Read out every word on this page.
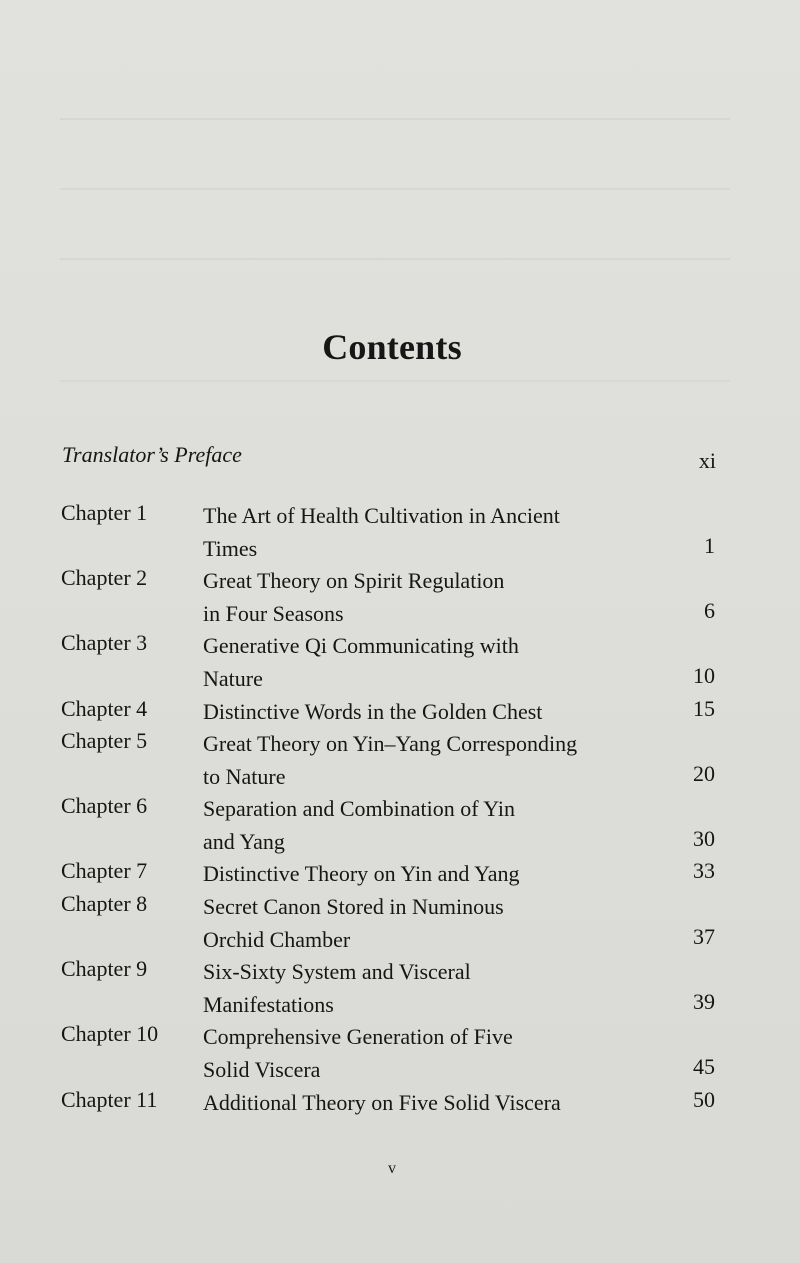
Contents
Translator’s Preface	xi
Chapter 1	The Art of Health Cultivation in Ancient
Times	1
Chapter 2	Great Theory on Spirit Regulation
in Four Seasons	6
Chapter 3	Generative Qi Communicating with
Nature	10
Chapter 4	Distinctive Words in the Golden Chest	15
Chapter 5	Great Theory on Yin–Yang Corresponding
to Nature	20
Chapter 6	Separation and Combination of Yin
and Yang	30
Chapter 7	Distinctive Theory on Yin and Yang	33
Chapter 8	Secret Canon Stored in Numinous
Orchid Chamber	37
Chapter 9	Six-Sixty System and Visceral
Manifestations	39
Chapter 10 Comprehensive Generation of Five
Solid Viscera	45
Chapter 11 Additional Theory on Five Solid Viscera	50
v
